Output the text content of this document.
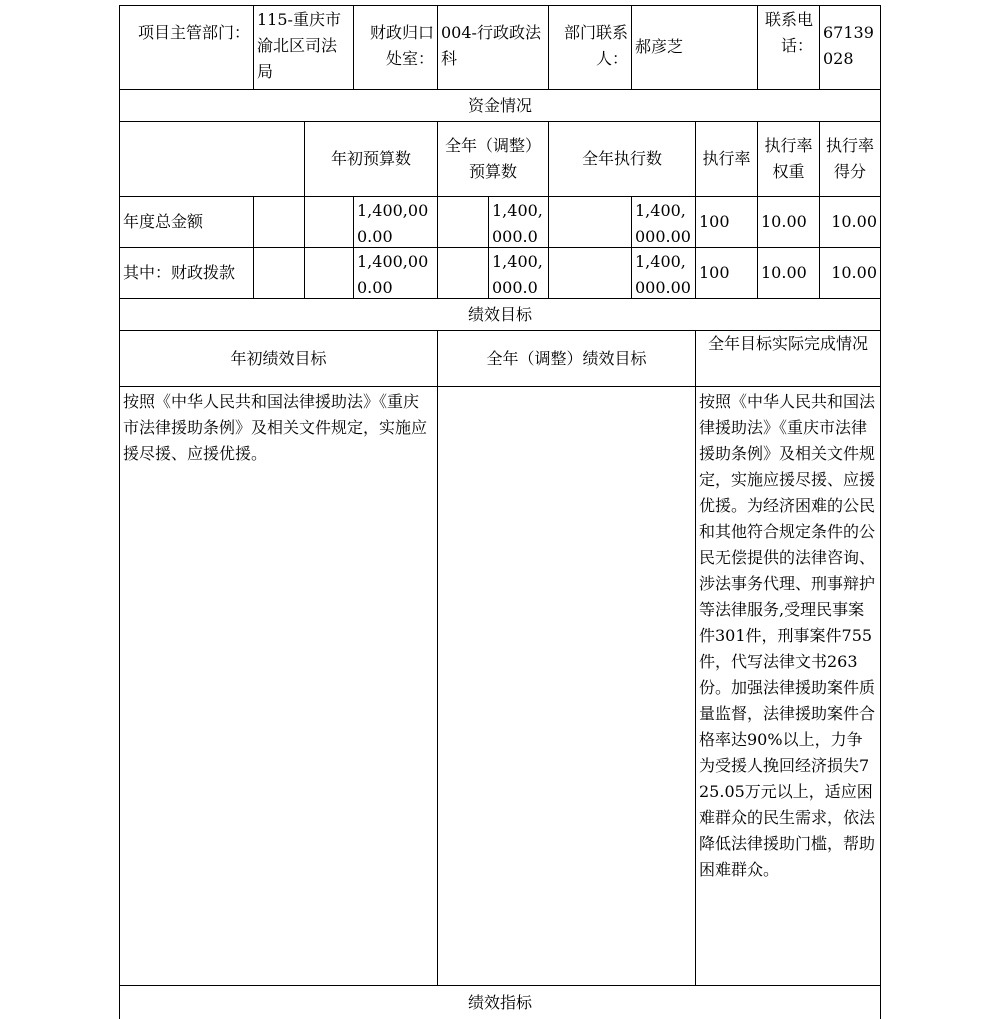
项目主管部门：
115-重庆市渝北区司法局
财政归口处室：
004-行政政法科
部门联系人：
郝彦芝
联系电话：
67139028
资金情况
年初预算数
全年（调整）预算数
全年执行数	执行率
执行率权重
执行率得分
年度总金额
1,400,000.00
1,400,000.0
1,400,000.00
100 10.00 10.00
其中：财政拨款
1,400,000.00
1,400,000.0
1,400,000.00
100 10.00 10.00
绩效目标
年初绩效目标	全年（调整）绩效目标
全年目标实际完成情况
按照《中华人民共和国法律援助法》《重庆市法律援助条例》及相关文件规定，实施应援尽援、应援优援。
按照《中华人民共和国法律援助法》《重庆市法律援助条例》及相关文件规定，实施应援尽援、应援优援。为经济困难的公民和其他符合规定条件的公民无偿提供的法律咨询、涉法事务代理、刑事辩护等法律服务,受理民事案件301件，刑事案件755件，代写法律文书263份。加强法律援助案件质量监督，法律援助案件合格率达90%以上，力争为受援人挽回经济损失725.05万元以上，适应困难群众的民生需求，依法降低法律援助门槛，帮助困难群众。
绩效指标
